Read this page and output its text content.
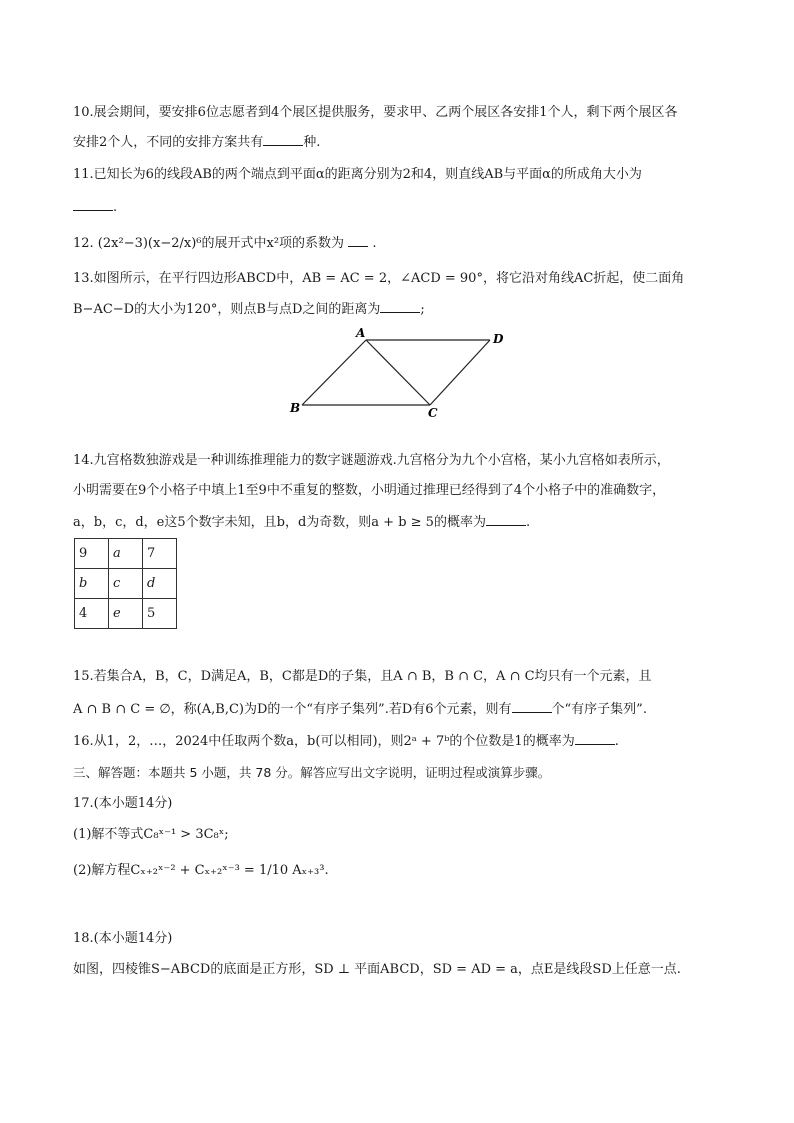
10.展会期间，要安排6位志愿者到4个展区提供服务，要求甲、乙两个展区各安排1个人，剩下两个展区各
安排2个人，不同的安排方案共有	种.
11.已知长为6的线段AB的两个端点到平面α的距离分别为2和4，则直线AB与平面α的所成角大小为
.
12. (2x²−3)(x−2/x)⁶的展开式中x²项的系数为  .
13.如图所示，在平行四边形ABCD中，AB = AC = 2，∠ACD = 90°，将它沿对角线AC折起，使二面角
B−AC−D的大小为120°，则点B与点D之间的距离为	;
A	D
B	C
14.九宫格数独游戏是一种训练推理能力的数字谜题游戏.九宫格分为九个小宫格，某小九宫格如表所示，
小明需要在9个小格子中填上1至9中不重复的整数，小明通过推理已经得到了4个小格子中的准确数字，
a，b，c，d，e这5个数字未知，且b，d为奇数，则a + b ≥ 5的概率为	.
9	a	7
b	c	d
4	e	5
15.若集合A，B，C，D满足A，B，C都是D的子集，且A ∩ B，B ∩ C，A ∩ C均只有一个元素，且
A ∩ B ∩ C = ∅，称(A,B,C)为D的一个“有序子集列”.若D有6个元素，则有	个“有序子集列”.
16.从1，2，…，2024中任取两个数a，b(可以相同)，则2ᵃ + 7ᵇ的个位数是1的概率为	.
三、解答题：本题共 5 小题，共 78 分。解答应写出文字说明，证明过程或演算步骤。
17.(本小题14分)
(1)解不等式C₈ˣ⁻¹ > 3C₈ˣ;
(2)解方程Cₓ₊₂ˣ⁻² + Cₓ₊₂ˣ⁻³ = 1/10 Aₓ₊₃³.
18.(本小题14分)
如图，四棱锥S−ABCD的底面是正方形，SD ⊥ 平面ABCD，SD = AD = a，点E是线段SD上任意一点.
